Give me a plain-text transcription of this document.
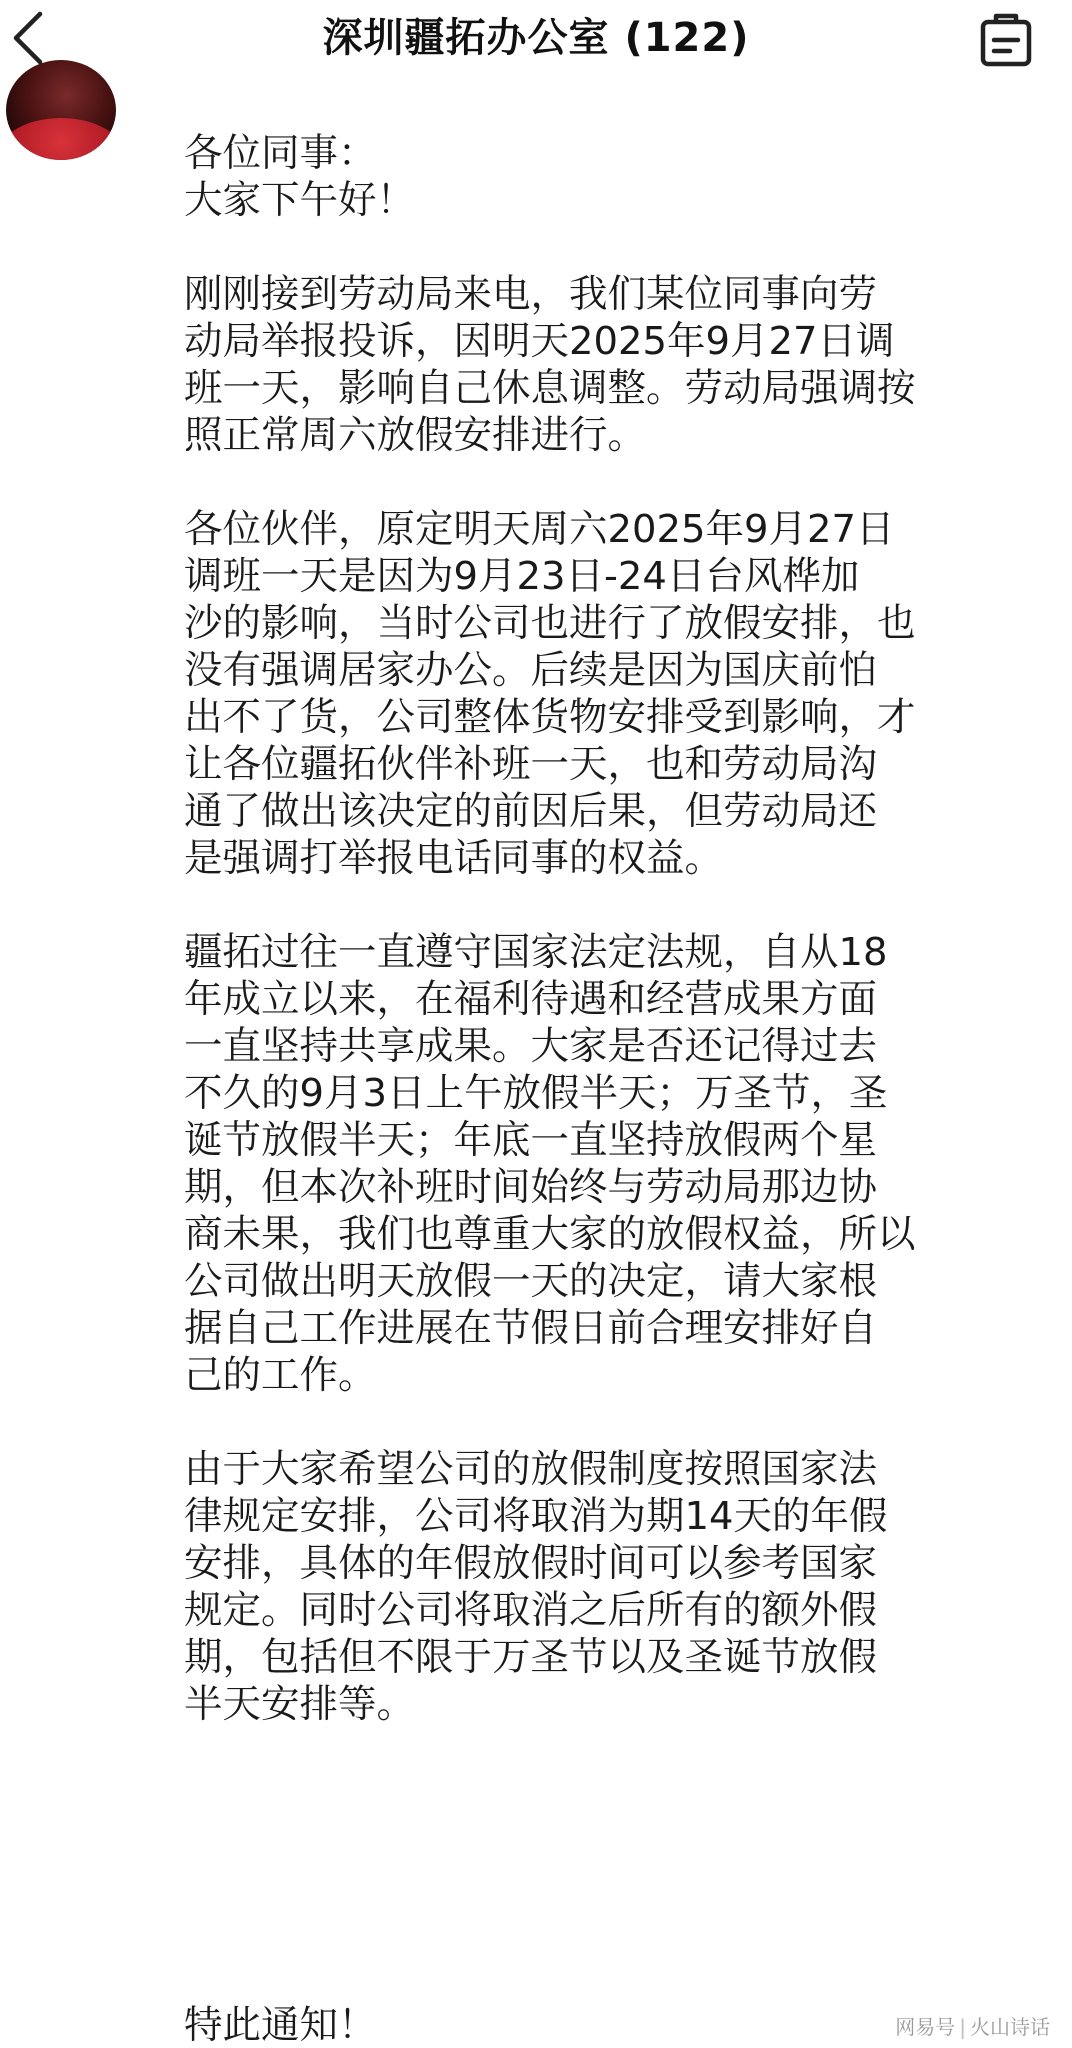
深圳疆拓办公室 (122)
各位同事：
大家下午好！
刚刚接到劳动局来电，我们某位同事向劳
动局举报投诉，因明天2025年9月27日调
班一天，影响自己休息调整。劳动局强调按
照正常周六放假安排进行。
各位伙伴，原定明天周六2025年9月27日
调班一天是因为9月23日-24日台风桦加
沙的影响，当时公司也进行了放假安排，也
没有强调居家办公。后续是因为国庆前怕
出不了货，公司整体货物安排受到影响，才
让各位疆拓伙伴补班一天，也和劳动局沟
通了做出该决定的前因后果，但劳动局还
是强调打举报电话同事的权益。
疆拓过往一直遵守国家法定法规，自从18
年成立以来，在福利待遇和经营成果方面
一直坚持共享成果。大家是否还记得过去
不久的9月3日上午放假半天；万圣节，圣
诞节放假半天；年底一直坚持放假两个星
期，但本次补班时间始终与劳动局那边协
商未果，我们也尊重大家的放假权益，所以
公司做出明天放假一天的决定，请大家根
据自己工作进展在节假日前合理安排好自
己的工作。
由于大家希望公司的放假制度按照国家法
律规定安排，公司将取消为期14天的年假
安排，具体的年假放假时间可以参考国家
规定。同时公司将取消之后所有的额外假
期，包括但不限于万圣节以及圣诞节放假
半天安排等。
特此通知！	网易号 | 火山诗话
